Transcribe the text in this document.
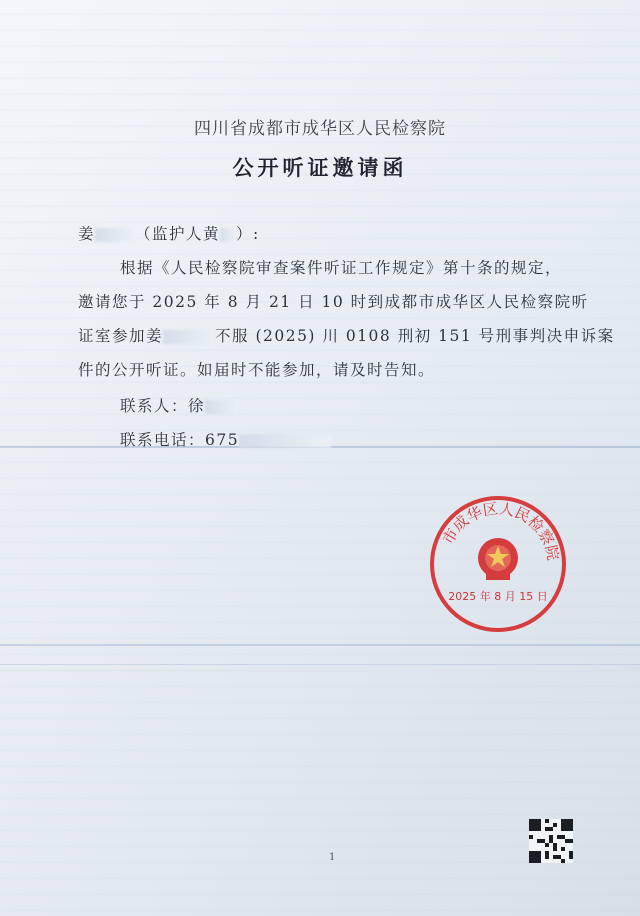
四川省成都市成华区人民检察院
公开听证邀请函
姜	（监护人黄 ）:
根据《人民检察院审查案件听证工作规定》第十条的规定，
邀请您于 2025 年 8 月 21 日 10 时到成都市成华区人民检察院听
证室参加姜	不服 (2025) 川 0108 刑初 151 号刑事判决申诉案
件的公开听证。如届时不能参加，请及时告知。
联系人：徐
联系电话：675
市成华区人民检察院
2025 年 8 月 15 日
1
